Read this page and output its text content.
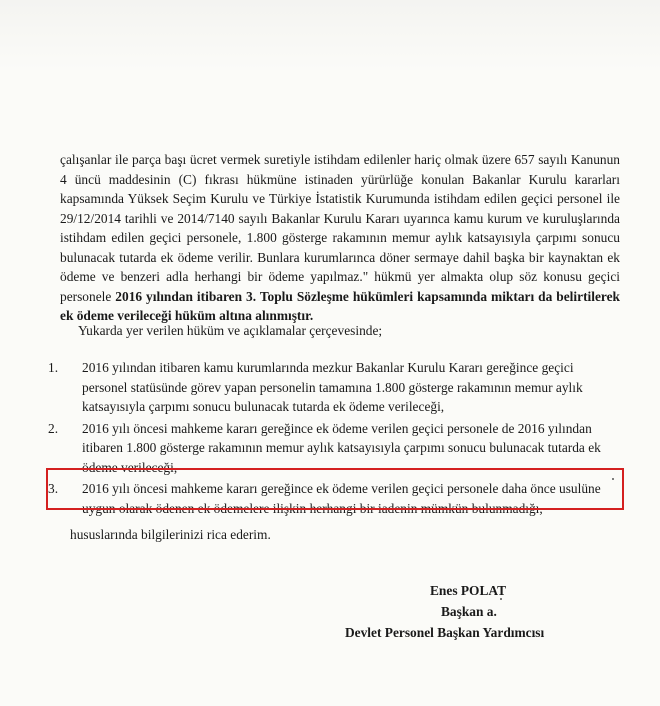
çalışanlar ile parça başı ücret vermek suretiyle istihdam edilenler hariç olmak üzere 657 sayılı Kanunun 4 üncü maddesinin (C) fıkrası hükmüne istinaden yürürlüğe konulan Bakanlar Kurulu kararları kapsamında Yüksek Seçim Kurulu ve Türkiye İstatistik Kurumunda istihdam edilen geçici personel ile 29/12/2014 tarihli ve 2014/7140 sayılı Bakanlar Kurulu Kararı uyarınca kamu kurum ve kuruluşlarında istihdam edilen geçici personele, 1.800 gösterge rakamının memur aylık katsayısıyla çarpımı sonucu bulunacak tutarda ek ödeme verilir. Bunlara kurumlarınca döner sermaye dahil başka bir kaynaktan ek ödeme ve benzeri adla herhangi bir ödeme yapılmaz." hükmü yer almakta olup söz konusu geçici personele 2016 yılından itibaren 3. Toplu Sözleşme hükümleri kapsamında miktarı da belirtilerek ek ödeme verileceği hüküm altına alınmıştır.

Yukarda yer verilen hüküm ve açıklamalar çerçevesinde;
1. 2016 yılından itibaren kamu kurumlarında mezkur Bakanlar Kurulu Kararı gereğince geçici personel statüsünde görev yapan personelin tamamına 1.800 gösterge rakamının memur aylık katsayısıyla çarpımı sonucu bulunacak tutarda ek ödeme verileceği,
2. 2016 yılı öncesi mahkeme kararı gereğince ek ödeme verilen geçici personele de 2016 yılından itibaren 1.800 gösterge rakamının memur aylık katsayısıyla çarpımı sonucu bulunacak tutarda ek ödeme verileceği,
3. 2016 yılı öncesi mahkeme kararı gereğince ek ödeme verilen geçici personele daha önce usulüne uygun olarak ödenen ek ödemelere ilişkin herhangi bir iadenin mümkün bulunmadığı,
hususlarında bilgilerinizi rica ederim.
Enes POLAT
Başkan a.
Devlet Personel Başkan Yardımcısı
